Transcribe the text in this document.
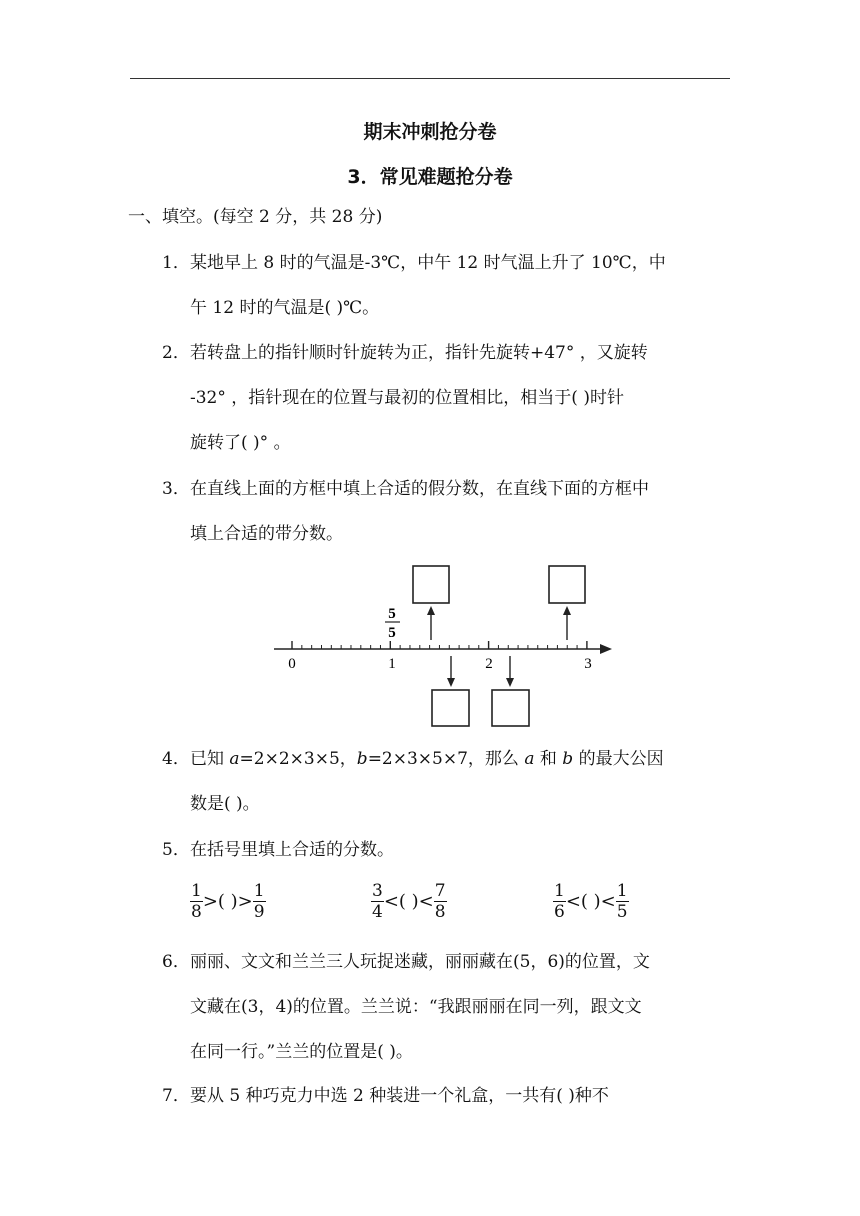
期末冲刺抢分卷
3．常见难题抢分卷
一、填空。(每空 2 分，共 28 分)
1．某地早上 8 时的气温是-3℃，中午 12 时气温上升了 10℃，中
午 12 时的气温是( )℃。
2．若转盘上的指针顺时针旋转为正，指针先旋转+47° ，又旋转
-32° ，指针现在的位置与最初的位置相比，相当于( )时针
旋转了( )° 。
3．在直线上面的方框中填上合适的假分数，在直线下面的方框中
填上合适的带分数。
0	1	2	3
5
5
4．已知 a=2×2×3×5，b=2×3×5×7，那么 a 和 b 的最大公因
数是( )。
5．在括号里填上合适的分数。
$\frac{1}{8}$ >( )> $\frac{1}{9}$	$\frac{3}{4}$ <( )< $\frac{7}{8}$	$\frac{1}{6}$ <( )< $\frac{1}{5}$
6．丽丽、文文和兰兰三人玩捉迷藏，丽丽藏在(5，6)的位置，文
文藏在(3，4)的位置。兰兰说：“我跟丽丽在同一列，跟文文
在同一行。”兰兰的位置是( )。
7．要从 5 种巧克力中选 2 种装进一个礼盒，一共有( )种不
